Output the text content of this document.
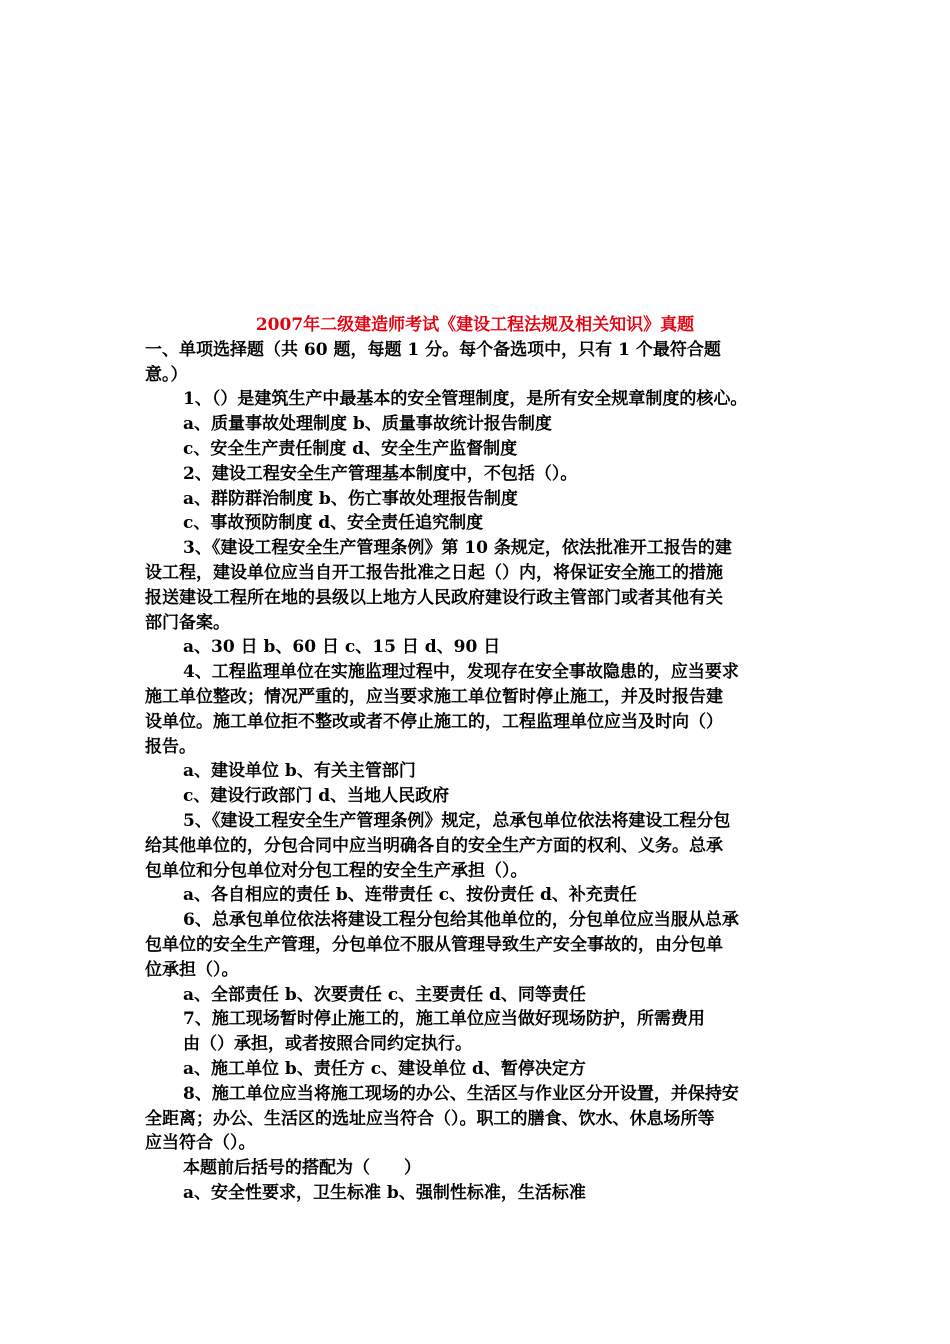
2007年二级建造师考试《建设工程法规及相关知识》真题

一、单项选择题（共 60 题，每题 1 分。每个备选项中，只有 1 个最符合题

意。）

1、（）是建筑生产中最基本的安全管理制度，是所有安全规章制度的核心。

a、质量事故处理制度 b、质量事故统计报告制度

c、安全生产责任制度 d、安全生产监督制度

2、建设工程安全生产管理基本制度中，不包括（）。

a、群防群治制度 b、伤亡事故处理报告制度

c、事故预防制度 d、安全责任追究制度

3、《建设工程安全生产管理条例》第 10 条规定，依法批准开工报告的建

设工程，建设单位应当自开工报告批准之日起（）内，将保证安全施工的措施

报送建设工程所在地的县级以上地方人民政府建设行政主管部门或者其他有关

部门备案。

a、30 日 b、60 日 c、15 日 d、90 日

4、工程监理单位在实施监理过程中，发现存在安全事故隐患的，应当要求

施工单位整改；情况严重的，应当要求施工单位暂时停止施工，并及时报告建

设单位。施工单位拒不整改或者不停止施工的，工程监理单位应当及时向（）

报告。

a、建设单位 b、有关主管部门

c、建设行政部门 d、当地人民政府

5、《建设工程安全生产管理条例》规定，总承包单位依法将建设工程分包

给其他单位的，分包合同中应当明确各自的安全生产方面的权利、义务。总承

包单位和分包单位对分包工程的安全生产承担（）。

a、各自相应的责任 b、连带责任 c、按份责任 d、补充责任

6、总承包单位依法将建设工程分包给其他单位的，分包单位应当服从总承

包单位的安全生产管理，分包单位不服从管理导致生产安全事故的，由分包单

位承担（）。

a、全部责任 b、次要责任 c、主要责任 d、同等责任

7、施工现场暂时停止施工的，施工单位应当做好现场防护，所需费用

由（）承担，或者按照合同约定执行。

a、施工单位 b、责任方 c、建设单位 d、暂停决定方

8、施工单位应当将施工现场的办公、生活区与作业区分开设置，并保持安

全距离；办公、生活区的选址应当符合（）。职工的膳食、饮水、休息场所等

应当符合（）。

本题前后括号的搭配为（　　）

a、安全性要求，卫生标准 b、强制性标准，生活标准
